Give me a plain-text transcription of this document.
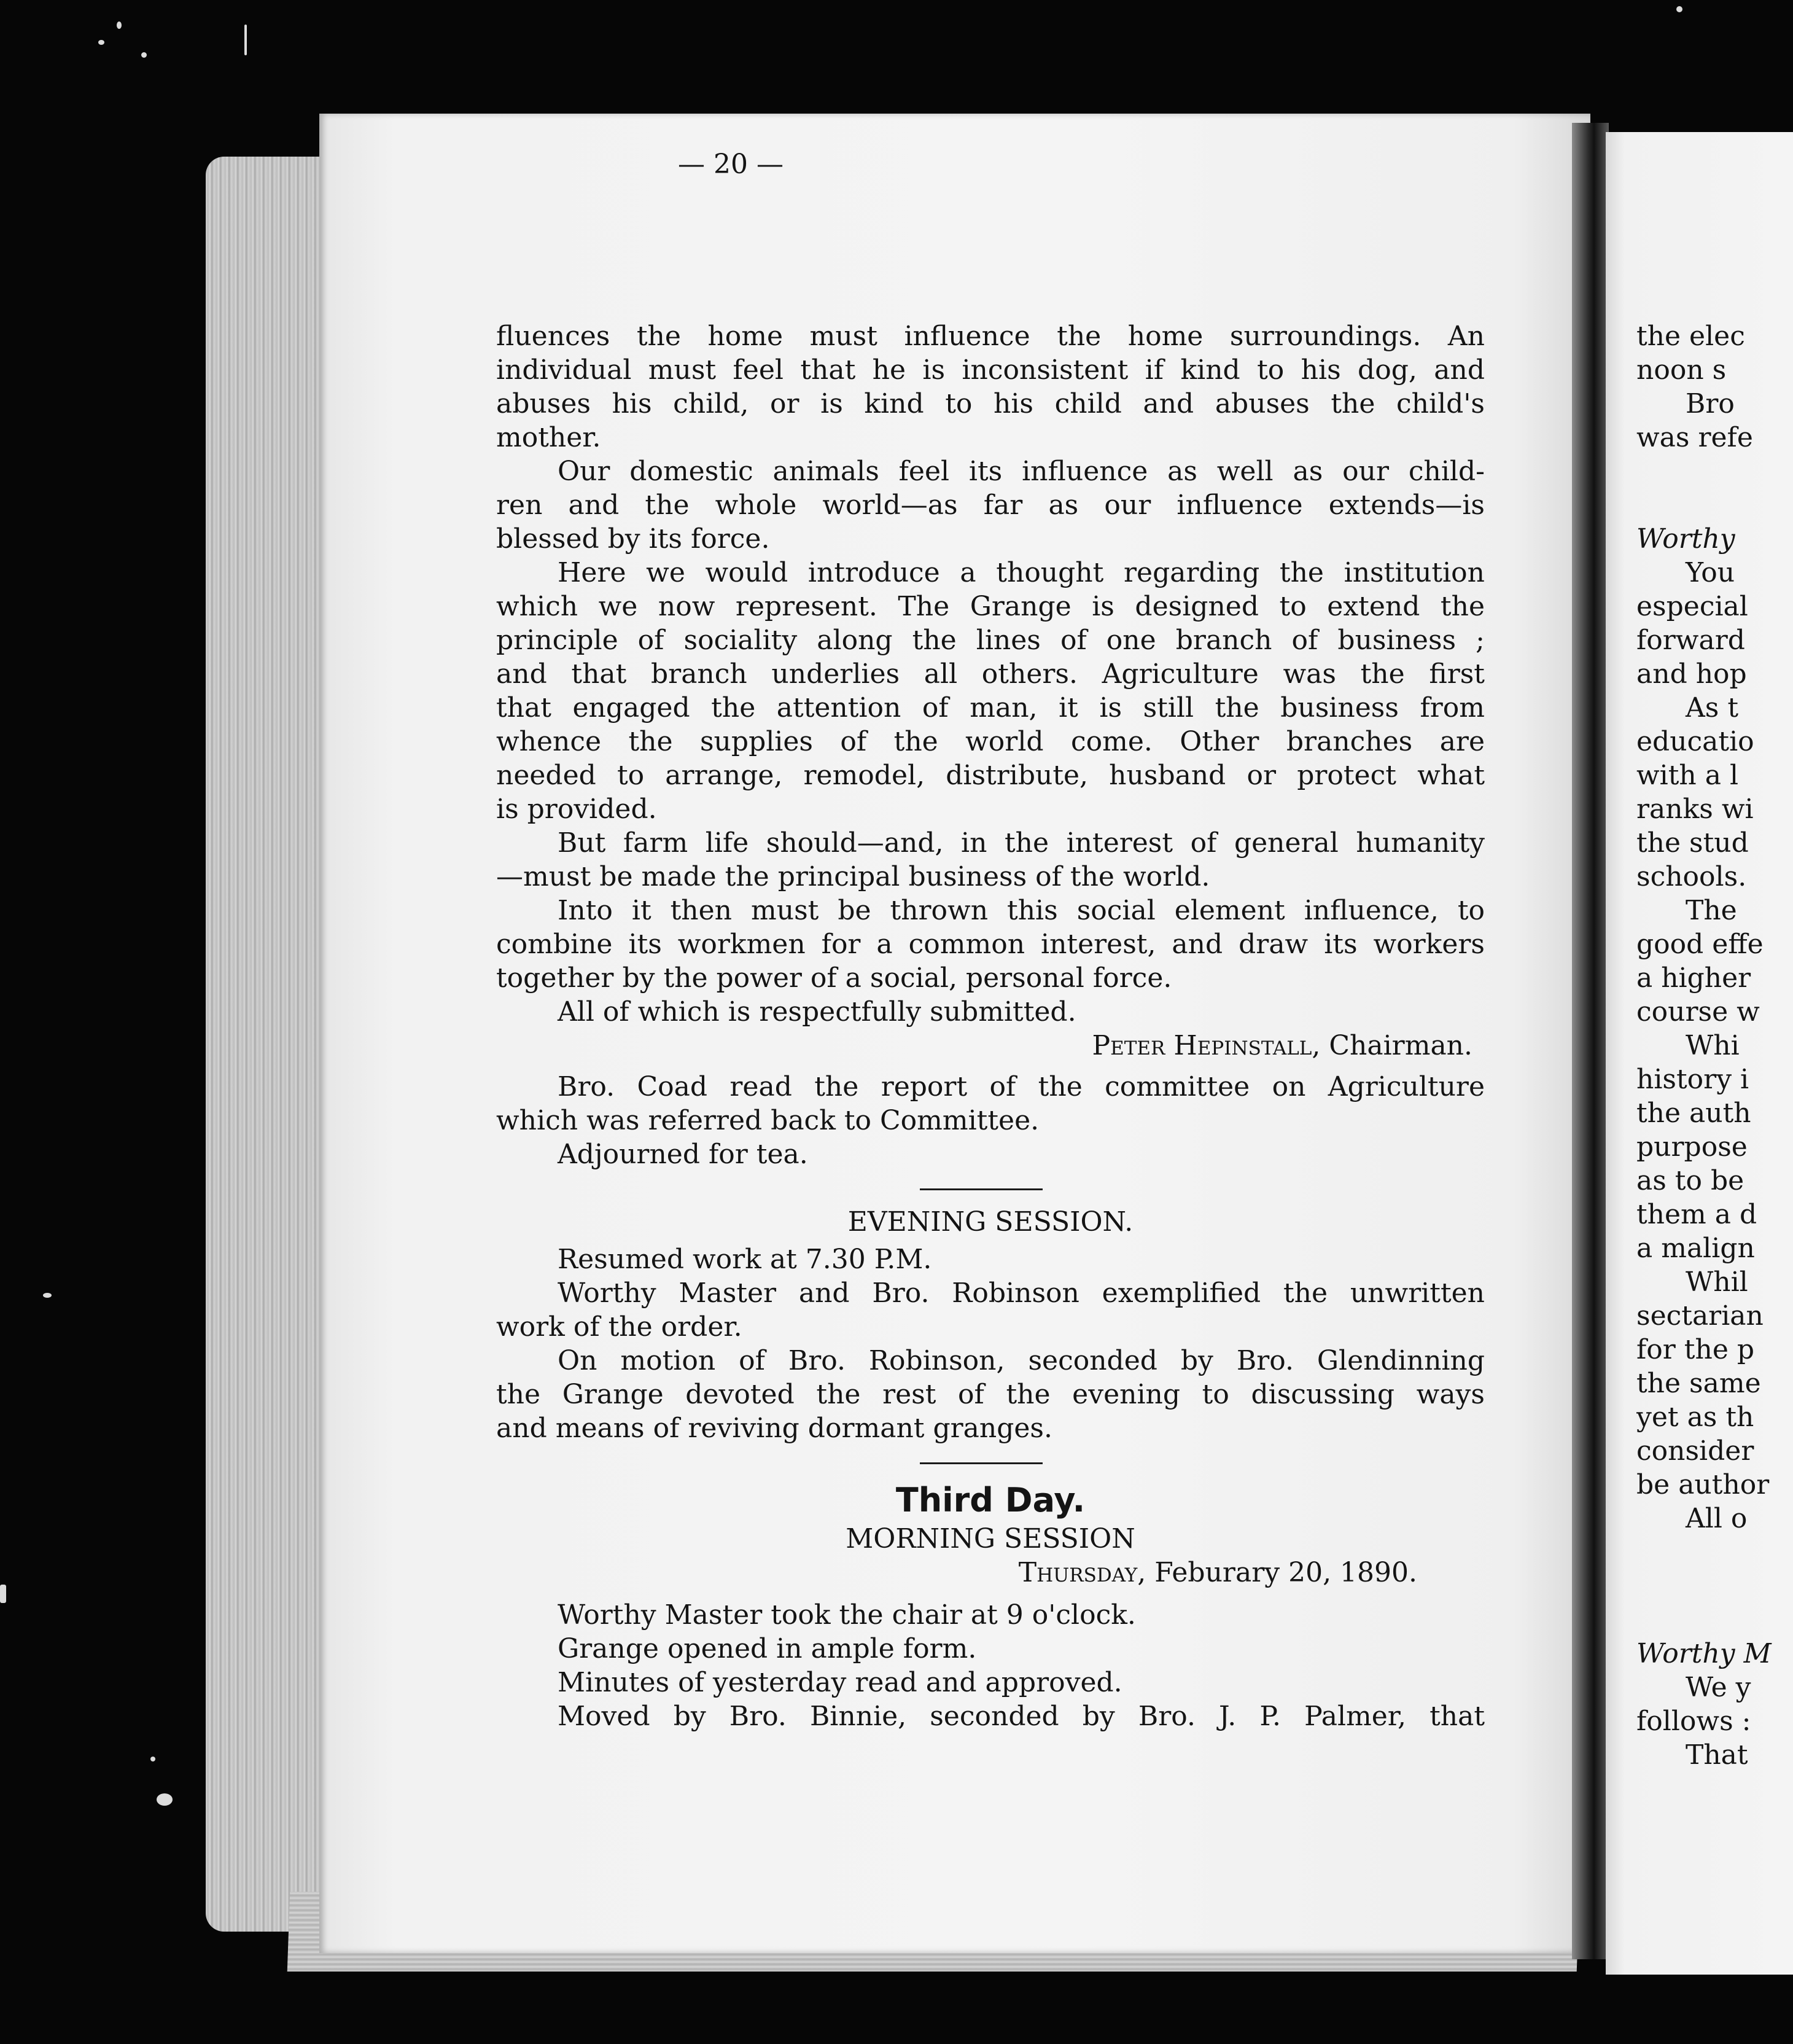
— 20 —
fluences the home must influence the home surroundings. An
individual must feel that he is inconsistent if kind to his dog, and
abuses his child, or is kind to his child and abuses the child's
mother.
Our domestic animals feel its influence as well as our child-
ren and the whole world—as far as our influence extends—is
blessed by its force.
Here we would introduce a thought regarding the institution
which we now represent. The Grange is designed to extend the
principle of sociality along the lines of one branch of business ;
and that branch underlies all others. Agriculture was the first
that engaged the attention of man, it is still the business from
whence the supplies of the world come. Other branches are
needed to arrange, remodel, distribute, husband or protect what
is provided.
But farm life should—and, in the interest of general humanity
—must be made the principal business of the world.
Into it then must be thrown this social element influence, to
combine its workmen for a common interest, and draw its workers
together by the power of a social, personal force.
All of which is respectfully submitted.
Peter Hepinstall, Chairman.
Bro. Coad read the report of the committee on Agriculture
which was referred back to Committee.
Adjourned for tea.
EVENING SESSION.
Resumed work at 7.30 P.M.
Worthy Master and Bro. Robinson exemplified the unwritten
work of the order.
On motion of Bro. Robinson, seconded by Bro. Glendinning
the Grange devoted the rest of the evening to discussing ways
and means of reviving dormant granges.
Third Day.
MORNING SESSION
Thursday, Feburary 20, 1890.
Worthy Master took the chair at 9 o'clock.
Grange opened in ample form.
Minutes of yesterday read and approved.
Moved by Bro. Binnie, seconded by Bro. J. P. Palmer, that
the elec
noon s
Bro
was refe
Worthy
You
especial
forward
and hop
As t
educatio
with a l
ranks wi
the stud
schools.
The
good effe
a higher
course w
Whi
history i
the auth
purpose
as to be
them a d
a malign
Whil
sectarian
for the p
the same
yet as th
consider
be author
All o
Worthy M
We y
follows :
That
